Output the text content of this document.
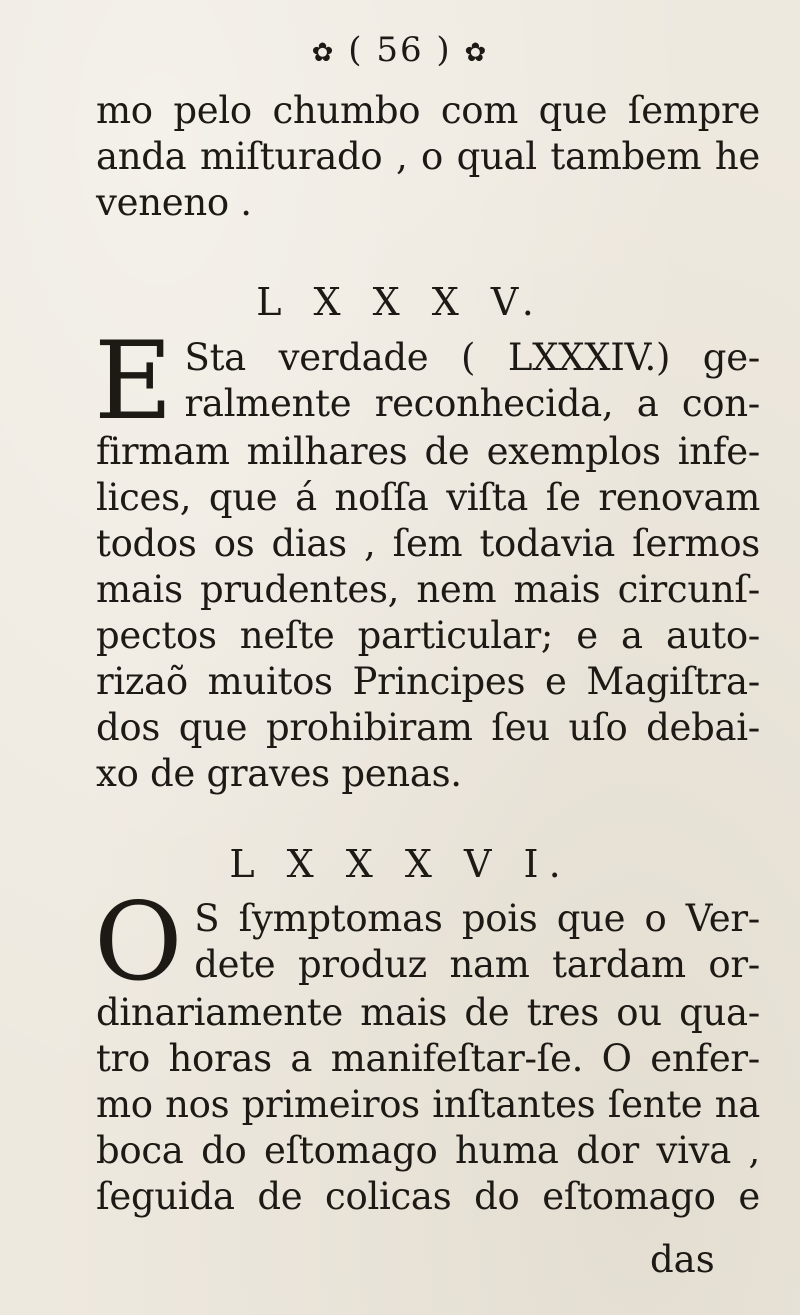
✿ ( 56 ) ✿
mo pelo chumbo com que ſempre
anda miſturado , o qual tambem he
veneno .
L X X X V.
E Sta verdade ( LXXXIV.) ge-
ralmente reconhecida, a con-
firmam milhares de exemplos infe-
lices, que á noſſa viſta ſe renovam
todos os dias , ſem todavia ſermos
mais prudentes, nem mais circunſ-
pectos neſte particular; e a auto-
rizaõ muitos Principes e Magiſtra-
dos que prohibiram ſeu uſo debai-
xo de graves penas.
L X X X V I.
O S ſymptomas pois que o Ver-
dete produz nam tardam or-
dinariamente mais de tres ou qua-
tro horas a manifeſtar-ſe. O enfer-
mo nos primeiros inſtantes ſente na
boca do eſtomago huma dor viva ,
ſeguida de colicas do eſtomago e
das
